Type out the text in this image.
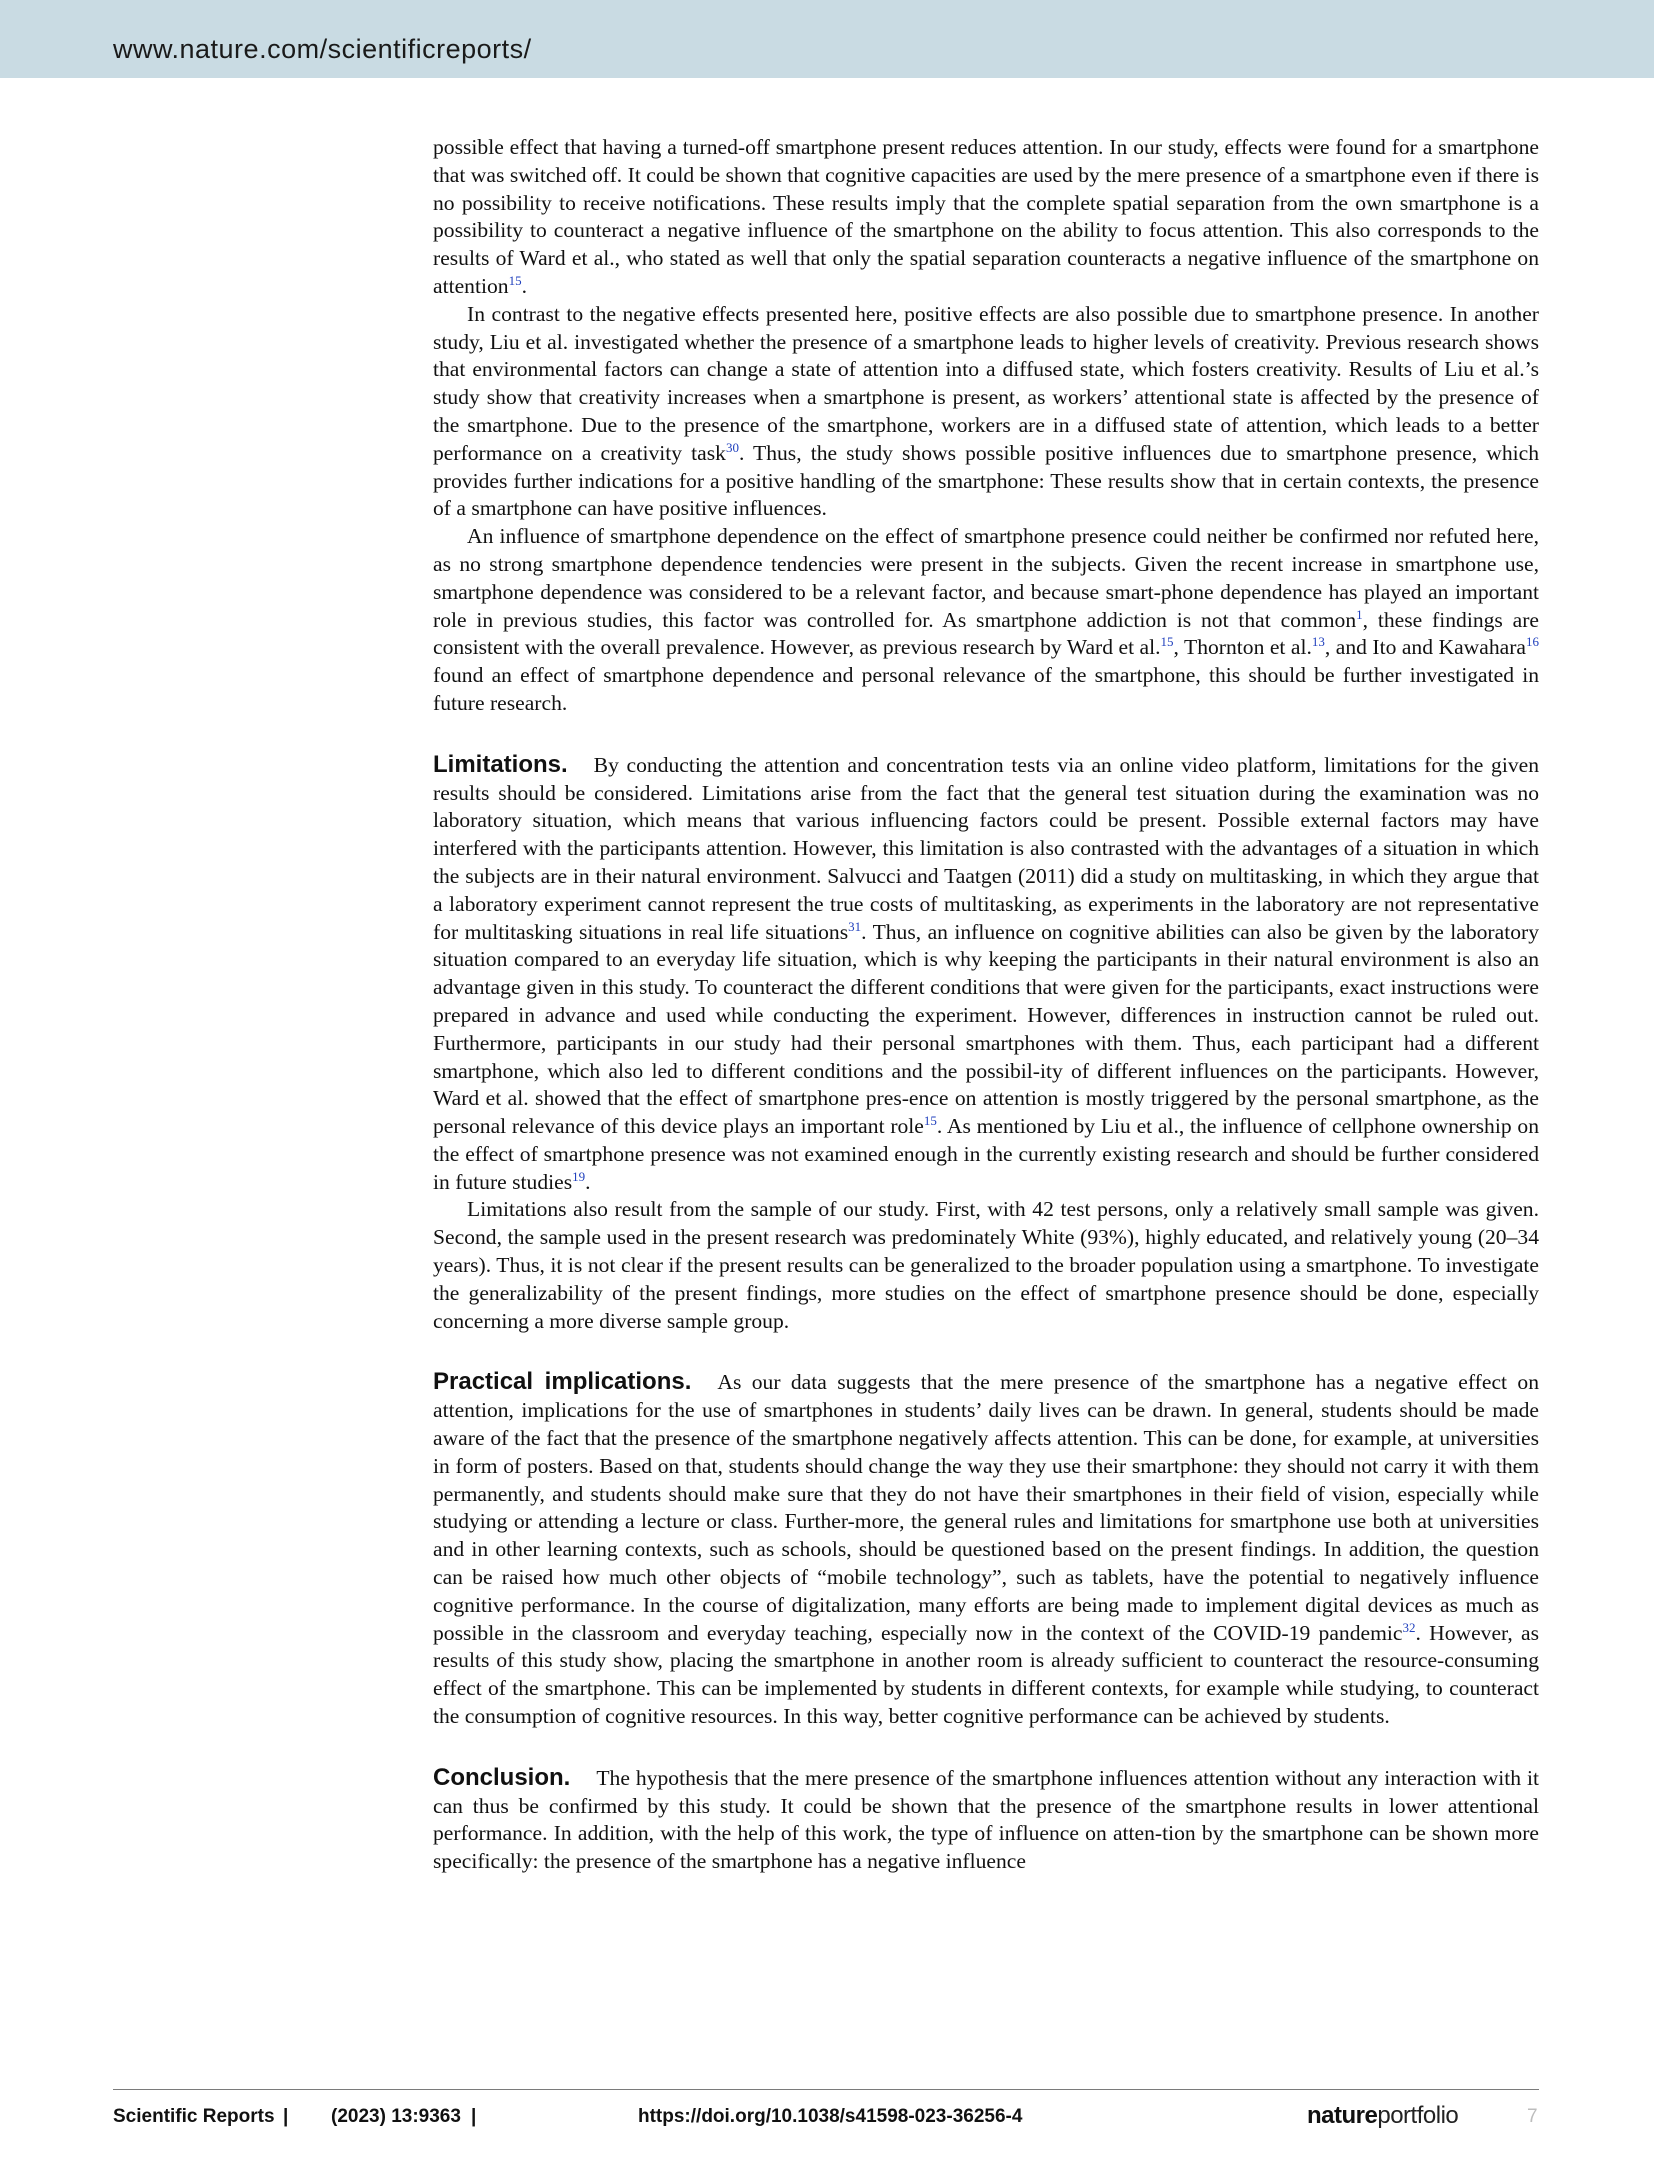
www.nature.com/scientificreports/

possible effect that having a turned-off smartphone present reduces attention. In our study, effects were found for a smartphone that was switched off. It could be shown that cognitive capacities are used by the mere presence of a smartphone even if there is no possibility to receive notifications. These results imply that the complete spatial separation from the own smartphone is a possibility to counteract a negative influence of the smartphone on the ability to focus attention. This also corresponds to the results of Ward et al., who stated as well that only the spatial separation counteracts a negative influence of the smartphone on attention$^{15}$.

In contrast to the negative effects presented here, positive effects are also possible due to smartphone presence. In another study, Liu et al. investigated whether the presence of a smartphone leads to higher levels of creativity. Previous research shows that environmental factors can change a state of attention into a diffused state, which fosters creativity. Results of Liu et al.’s study show that creativity increases when a smartphone is present, as workers’ attentional state is affected by the presence of the smartphone. Due to the presence of the smartphone, workers are in a diffused state of attention, which leads to a better performance on a creativity task$^{30}$. Thus, the study shows possible positive influences due to smartphone presence, which provides further indications for a positive handling of the smartphone: These results show that in certain contexts, the presence of a smartphone can have positive influences.

An influence of smartphone dependence on the effect of smartphone presence could neither be confirmed nor refuted here, as no strong smartphone dependence tendencies were present in the subjects. Given the recent increase in smartphone use, smartphone dependence was considered to be a relevant factor, and because smart-phone dependence has played an important role in previous studies, this factor was controlled for. As smartphone addiction is not that common$^1$, these findings are consistent with the overall prevalence. However, as previous research by Ward et al.$^{15}$, Thornton et al.$^{13}$, and Ito and Kawahara$^{16}$ found an effect of smartphone dependence and personal relevance of the smartphone, this should be further investigated in future research.

Limitations. By conducting the attention and concentration tests via an online video platform, limitations for the given results should be considered. Limitations arise from the fact that the general test situation during the examination was no laboratory situation, which means that various influencing factors could be present. Possible external factors may have interfered with the participants attention. However, this limitation is also contrasted with the advantages of a situation in which the subjects are in their natural environment. Salvucci and Taatgen (2011) did a study on multitasking, in which they argue that a laboratory experiment cannot represent the true costs of multitasking, as experiments in the laboratory are not representative for multitasking situations in real life situations$^{31}$. Thus, an influence on cognitive abilities can also be given by the laboratory situation compared to an everyday life situation, which is why keeping the participants in their natural environment is also an advantage given in this study. To counteract the different conditions that were given for the participants, exact instructions were prepared in advance and used while conducting the experiment. However, differences in instruction cannot be ruled out. Furthermore, participants in our study had their personal smartphones with them. Thus, each participant had a different smartphone, which also led to different conditions and the possibil-ity of different influences on the participants. However, Ward et al. showed that the effect of smartphone pres-ence on attention is mostly triggered by the personal smartphone, as the personal relevance of this device plays an important role$^{15}$. As mentioned by Liu et al., the influence of cellphone ownership on the effect of smartphone presence was not examined enough in the currently existing research and should be further considered in future studies$^{19}$.

Limitations also result from the sample of our study. First, with 42 test persons, only a relatively small sample was given. Second, the sample used in the present research was predominately White (93%), highly educated, and relatively young (20–34 years). Thus, it is not clear if the present results can be generalized to the broader population using a smartphone. To investigate the generalizability of the present findings, more studies on the effect of smartphone presence should be done, especially concerning a more diverse sample group.

Practical implications. As our data suggests that the mere presence of the smartphone has a negative effect on attention, implications for the use of smartphones in students’ daily lives can be drawn. In general, students should be made aware of the fact that the presence of the smartphone negatively affects attention. This can be done, for example, at universities in form of posters. Based on that, students should change the way they use their smartphone: they should not carry it with them permanently, and students should make sure that they do not have their smartphones in their field of vision, especially while studying or attending a lecture or class. Further-more, the general rules and limitations for smartphone use both at universities and in other learning contexts, such as schools, should be questioned based on the present findings. In addition, the question can be raised how much other objects of “mobile technology”, such as tablets, have the potential to negatively influence cognitive performance. In the course of digitalization, many efforts are being made to implement digital devices as much as possible in the classroom and everyday teaching, especially now in the context of the COVID-19 pandemic$^{32}$. However, as results of this study show, placing the smartphone in another room is already sufficient to counteract the resource-consuming effect of the smartphone. This can be implemented by students in different contexts, for example while studying, to counteract the consumption of cognitive resources. In this way, better cognitive performance can be achieved by students.

Conclusion. The hypothesis that the mere presence of the smartphone influences attention without any interaction with it can thus be confirmed by this study. It could be shown that the presence of the smartphone results in lower attentional performance. In addition, with the help of this work, the type of influence on atten-tion by the smartphone can be shown more specifically: the presence of the smartphone has a negative influence

Scientific Reports | (2023) 13:9363 |	https://doi.org/10.1038/s41598-023-36256-4	natureportfolio	7
